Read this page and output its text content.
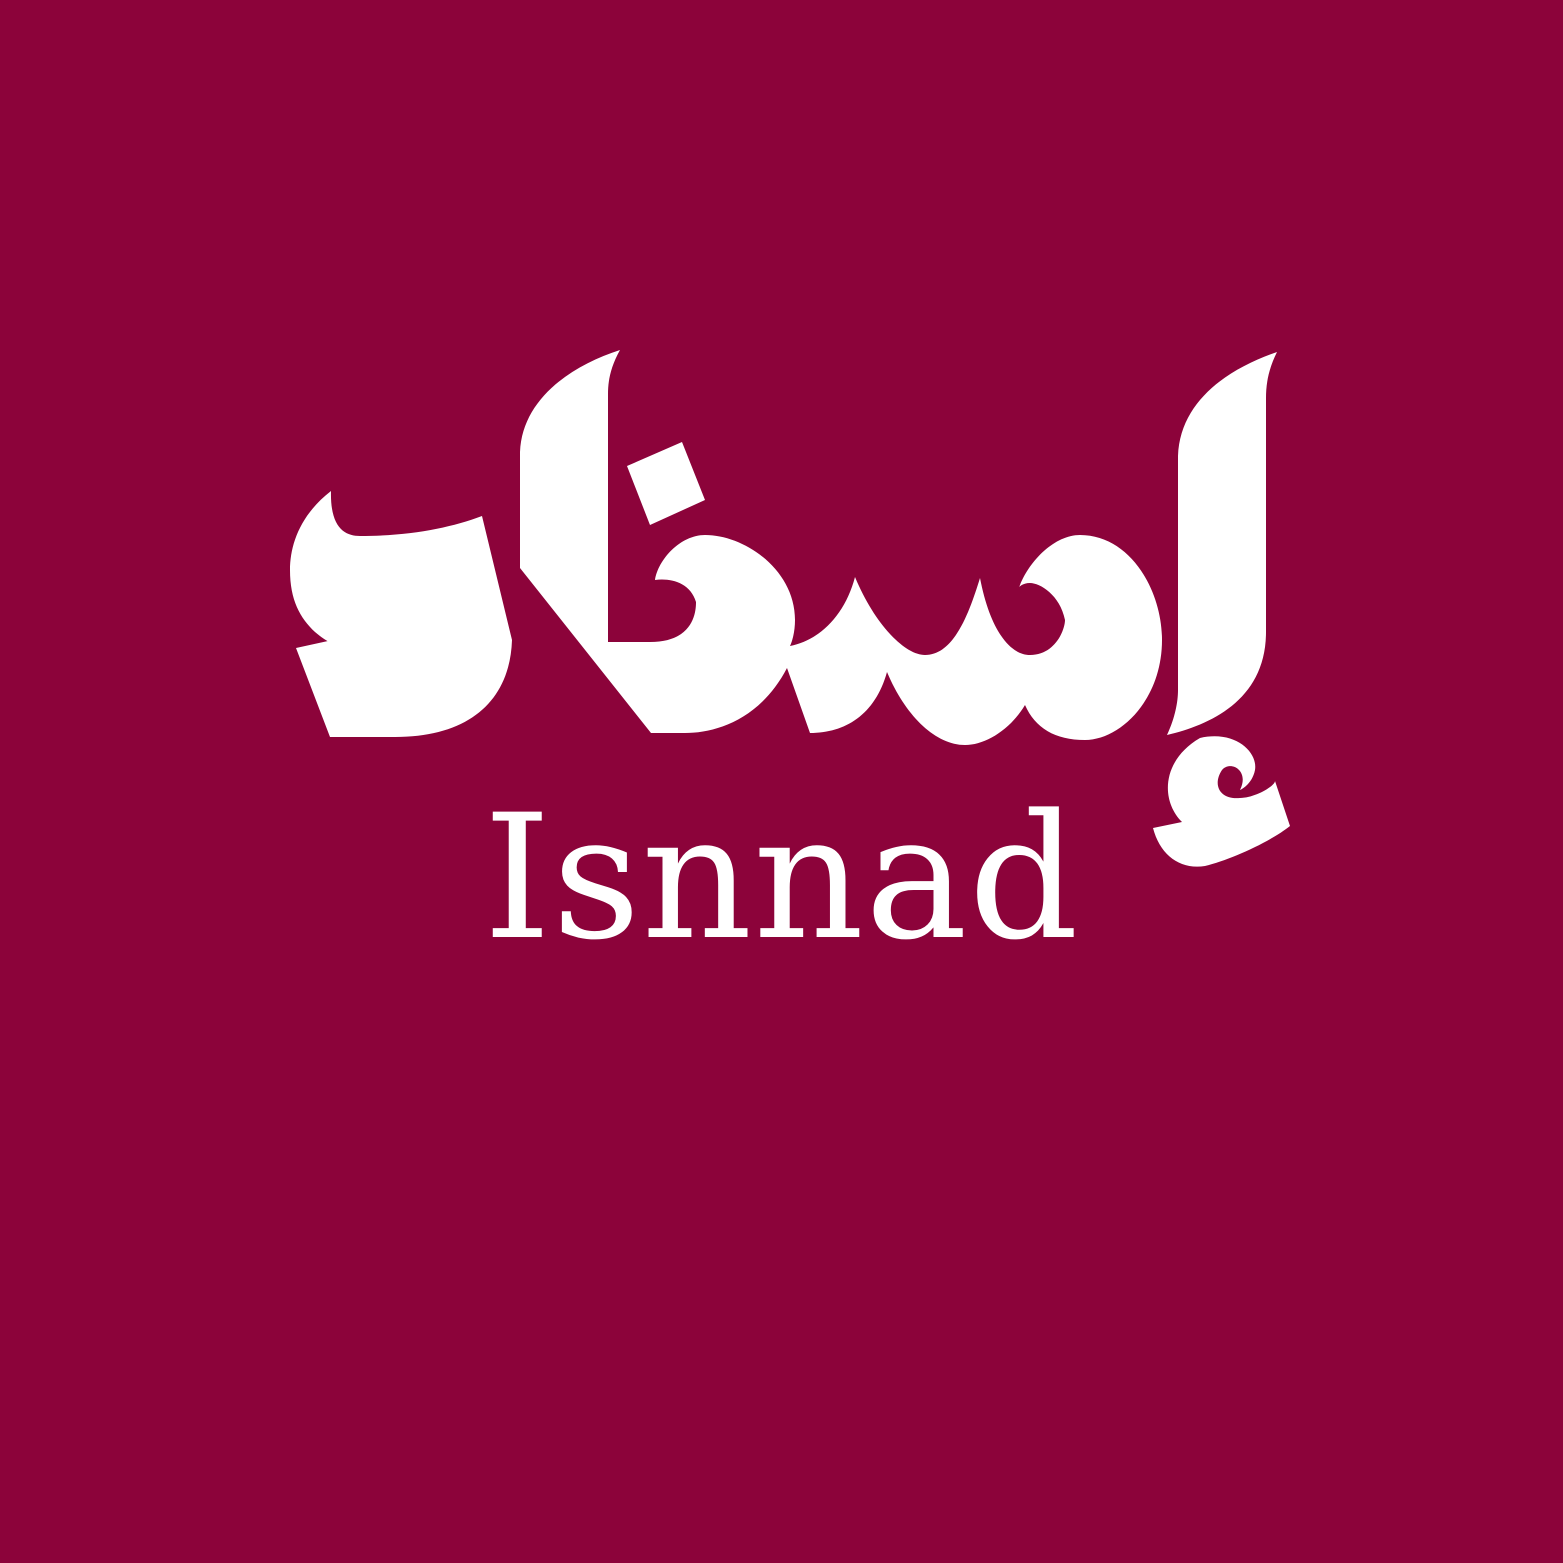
Isnnad
